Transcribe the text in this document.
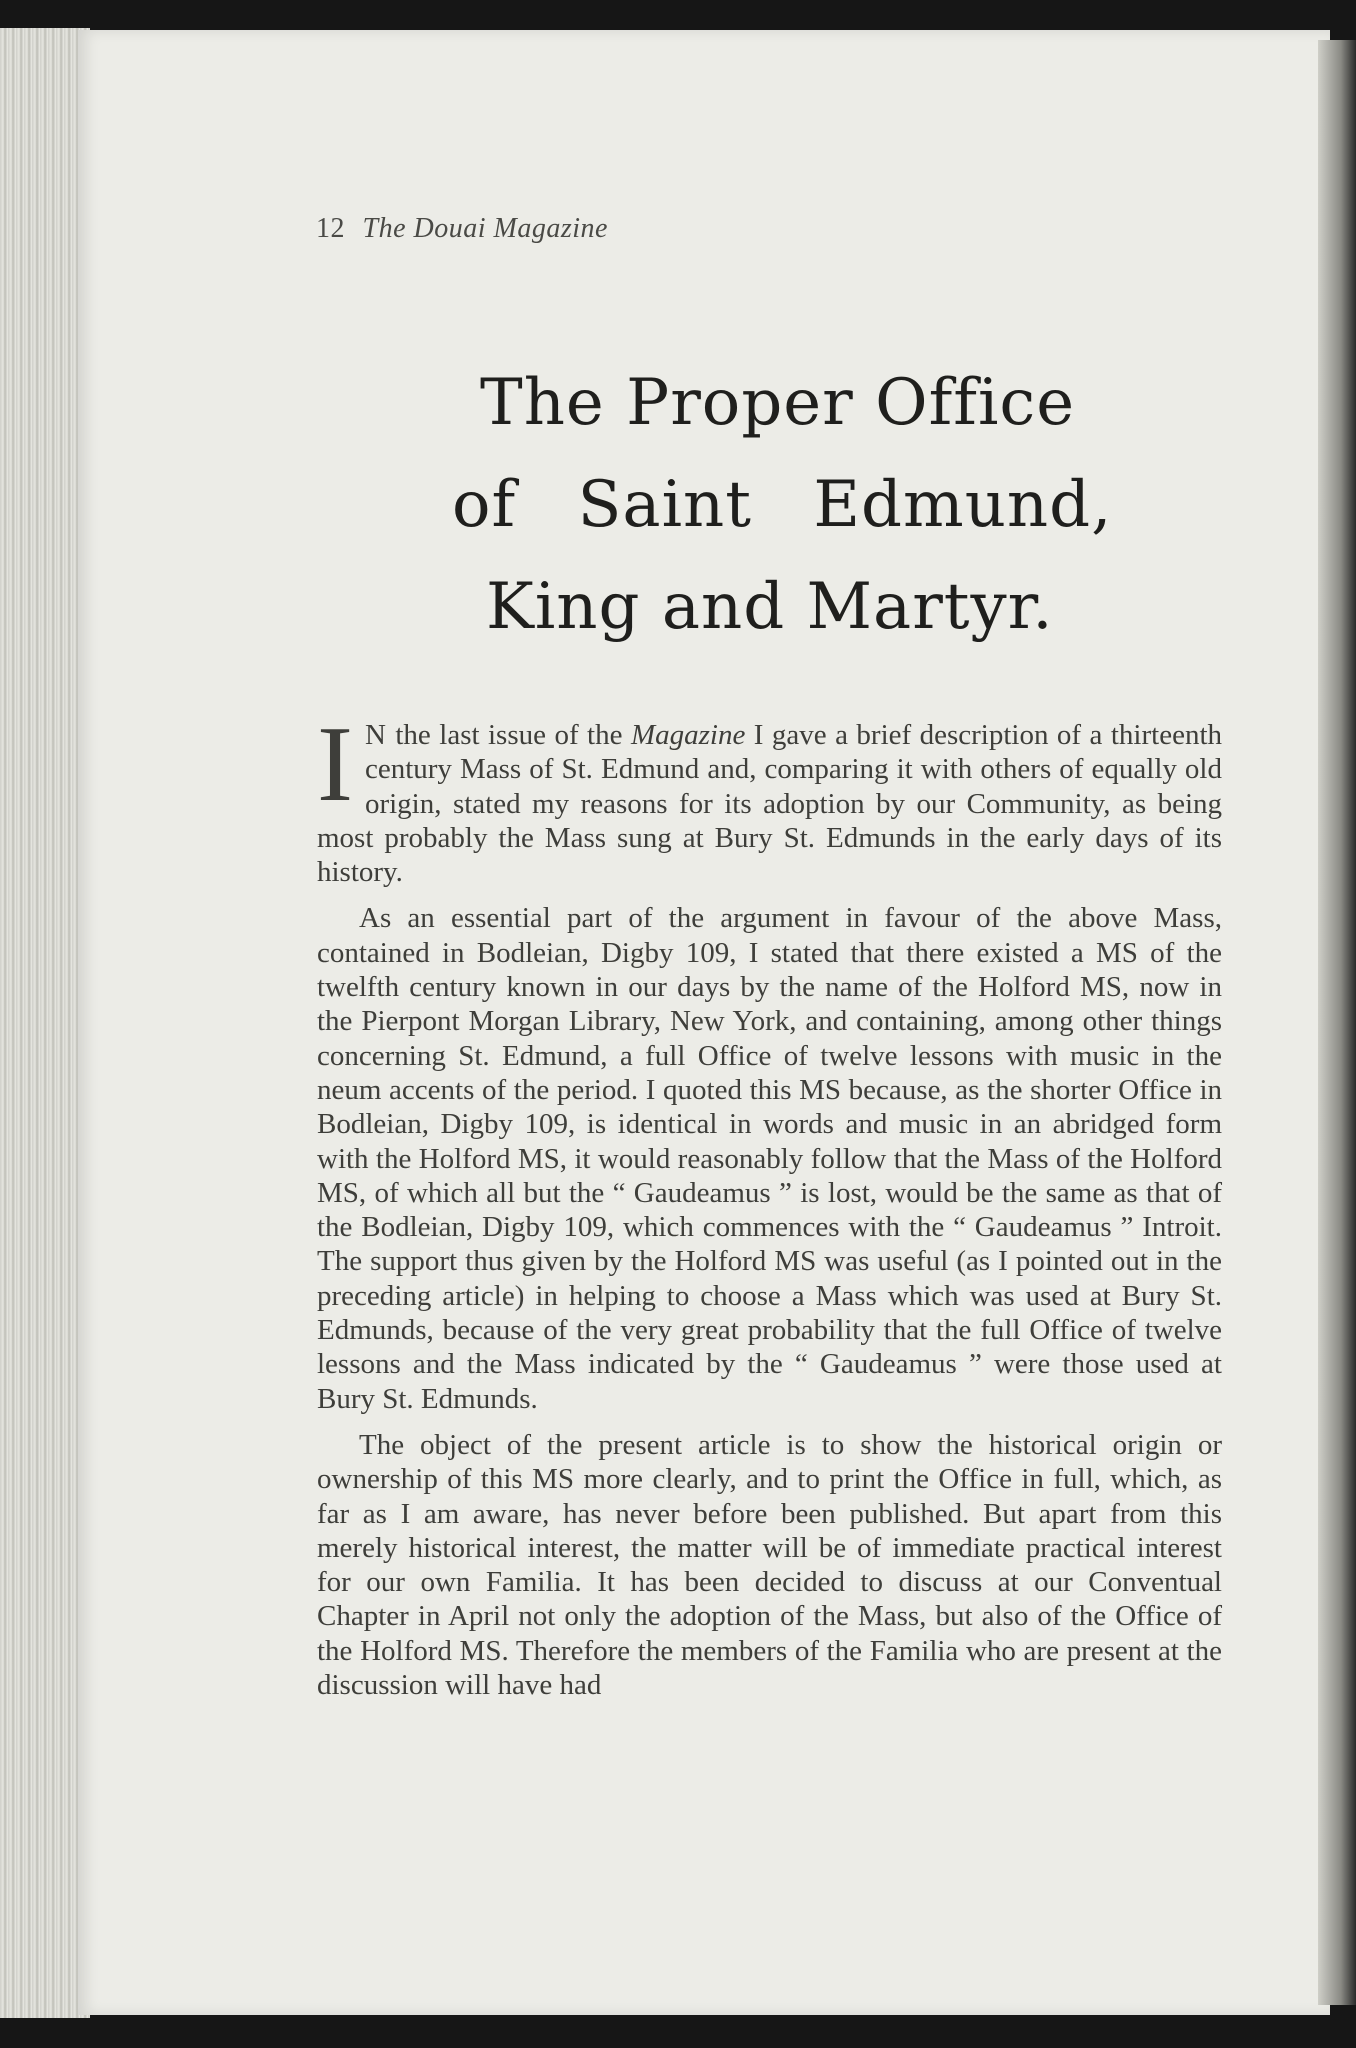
12 The Douai Magazine
The Proper Office
of Saint Edmund,
King and Martyr.

I N the last issue of the Magazine I gave a brief description of a thirteenth century Mass of St. Edmund and, comparing it with others of equally old origin, stated my reasons for its adoption by our Community, as being most probably the Mass sung at Bury St. Edmunds in the early days of its history.

As an essential part of the argument in favour of the above Mass, contained in Bodleian, Digby 109, I stated that there existed a MS of the twelfth century known in our days by the name of the Holford MS, now in the Pierpont Morgan Library, New York, and containing, among other things concerning St. Edmund, a full Office of twelve lessons with music in the neum accents of the period. I quoted this MS because, as the shorter Office in Bodleian, Digby 109, is identical in words and music in an abridged form with the Holford MS, it would reasonably follow that the Mass of the Holford MS, of which all but the “ Gaudeamus ” is lost, would be the same as that of the Bodleian, Digby 109, which commences with the “ Gaudeamus ” Introit. The support thus given by the Holford MS was useful (as I pointed out in the preceding article) in helping to choose a Mass which was used at Bury St. Edmunds, because of the very great probability that the full Office of twelve lessons and the Mass indicated by the “ Gaudeamus ” were those used at Bury St. Edmunds.

The object of the present article is to show the historical origin or ownership of this MS more clearly, and to print the Office in full, which, as far as I am aware, has never before been published. But apart from this merely historical interest, the matter will be of immediate practical interest for our own Familia. It has been decided to discuss at our Conventual Chapter in April not only the adoption of the Mass, but also of the Office of the Holford MS. Therefore the members of the Familia who are present at the discussion will have had
